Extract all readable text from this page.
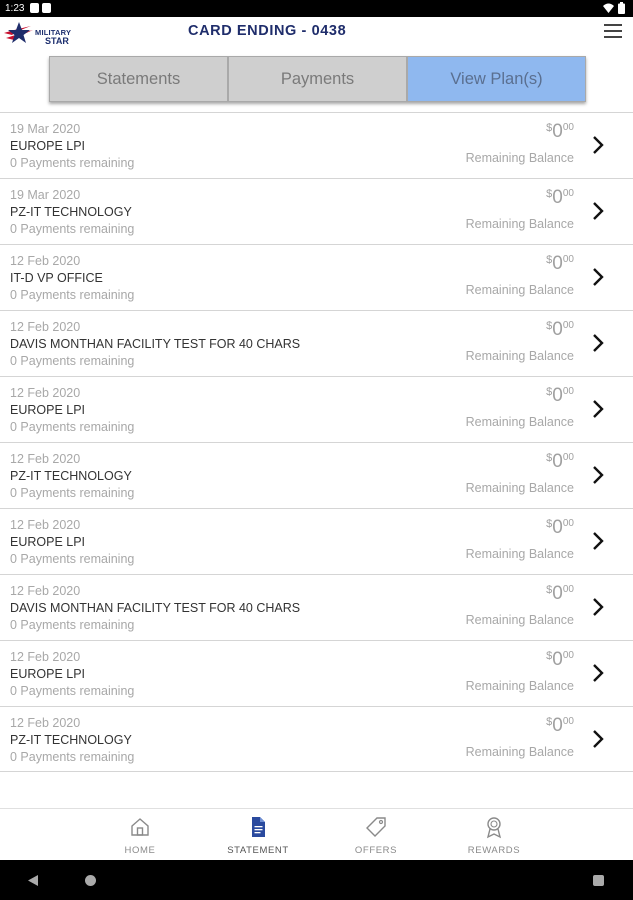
1:23
MILITARY
STAR
CARD ENDING - 0438
Statements	Payments	View Plan(s)
19 Mar 2020
EUROPE LPI
0 Payments remaining
$^{\$}0^{00}$
Remaining Balance
19 Mar 2020
PZ-IT TECHNOLOGY
0 Payments remaining
$^{\$}0^{00}$
Remaining Balance
12 Feb 2020
IT-D VP OFFICE
0 Payments remaining
$^{\$}0^{00}$
Remaining Balance
12 Feb 2020
DAVIS MONTHAN FACILITY TEST FOR 40 CHARS
0 Payments remaining
$^{\$}0^{00}$
Remaining Balance
12 Feb 2020
EUROPE LPI
0 Payments remaining
$^{\$}0^{00}$
Remaining Balance
12 Feb 2020
PZ-IT TECHNOLOGY
0 Payments remaining
$^{\$}0^{00}$
Remaining Balance
12 Feb 2020
EUROPE LPI
0 Payments remaining
$^{\$}0^{00}$
Remaining Balance
12 Feb 2020
DAVIS MONTHAN FACILITY TEST FOR 40 CHARS
0 Payments remaining
$^{\$}0^{00}$
Remaining Balance
12 Feb 2020
EUROPE LPI
0 Payments remaining
$^{\$}0^{00}$
Remaining Balance
12 Feb 2020
PZ-IT TECHNOLOGY
0 Payments remaining
$^{\$}0^{00}$
Remaining Balance
HOME	STATEMENT	OFFERS	REWARDS
